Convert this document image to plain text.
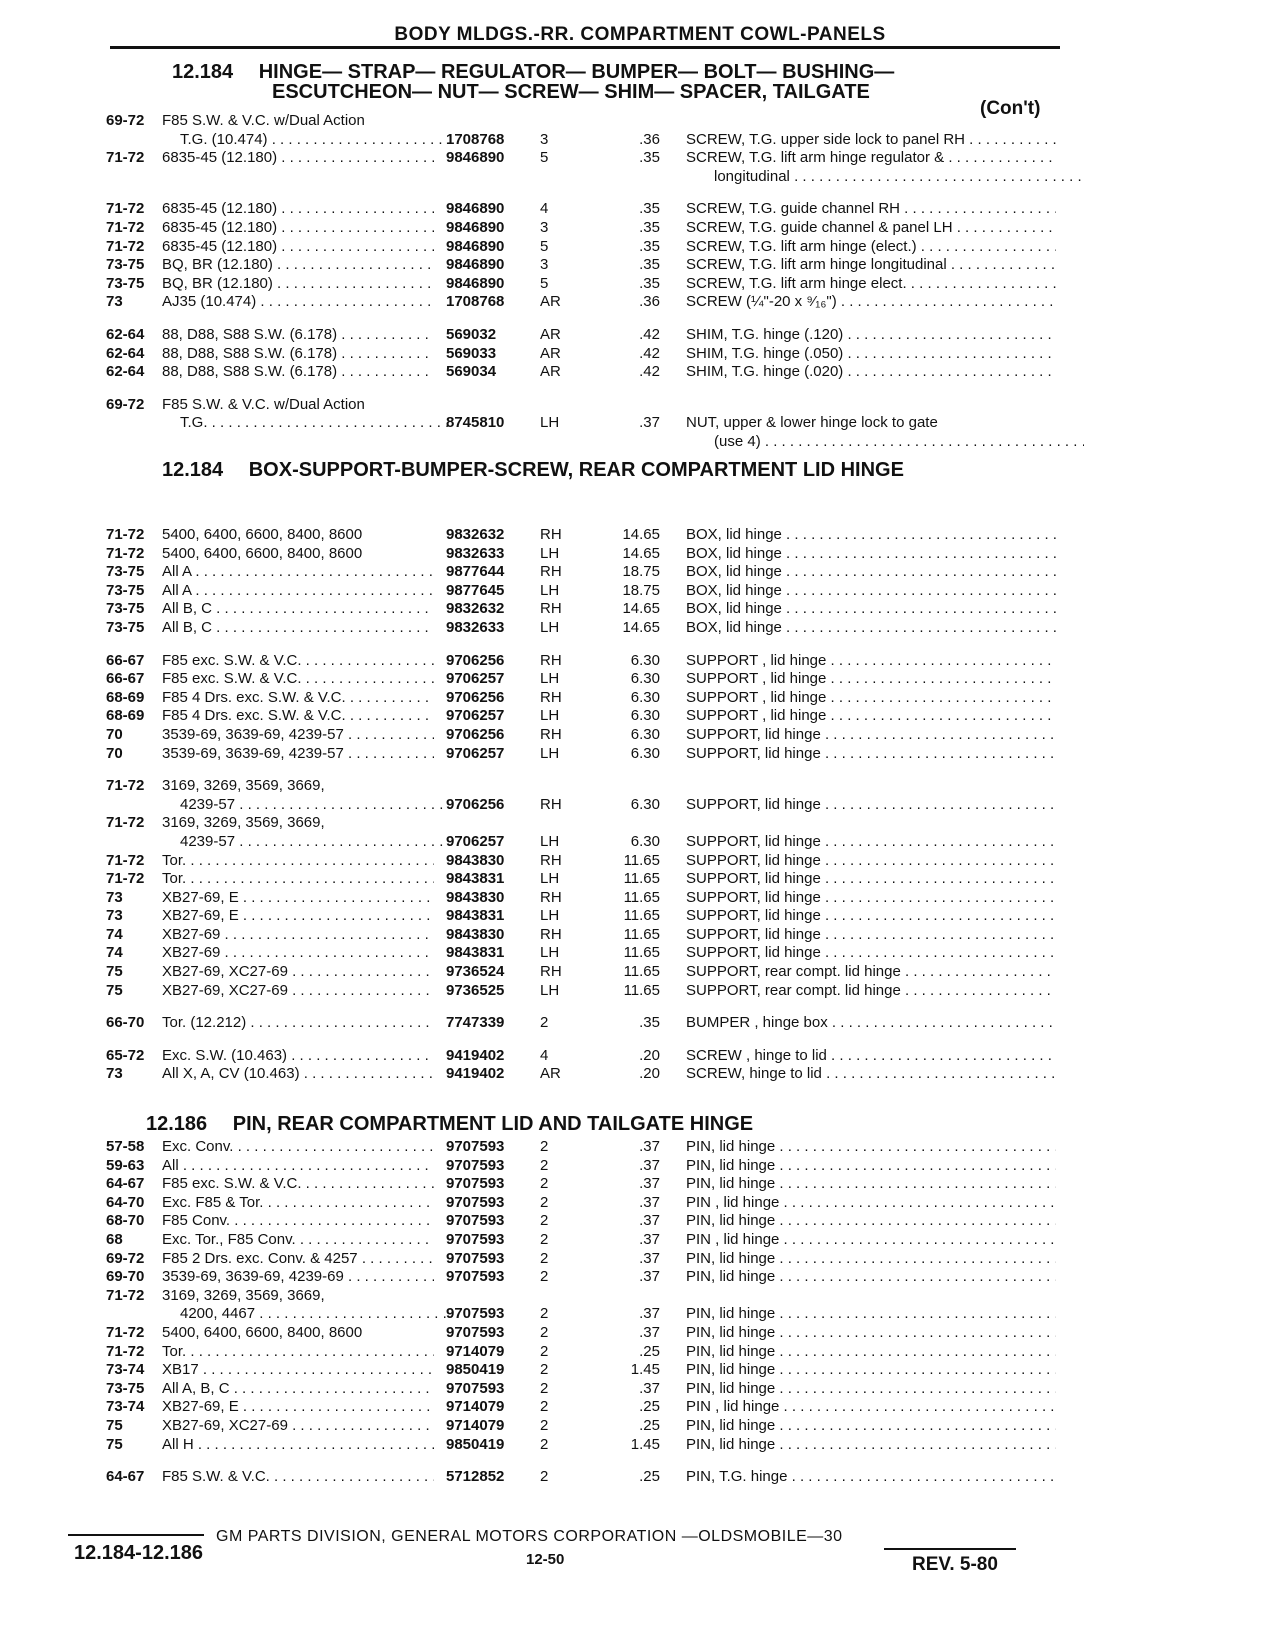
BODY MLDGS.-RR. COMPARTMENT COWL-PANELS
12.184 HINGE— STRAP— REGULATOR— BUMPER— BOLT— BUSHING—
ESCUTCHEON— NUT— SCREW— SHIM— SPACER, TAILGATE
(Con't)
69-72 F85 S.W. & V.C. w/Dual Action
T.G. (10.474) . . .	1708768 3	.36 SCREW, T.G. upper side lock to panel RH . . .
71-72 6835-45 (12.180) . . .	9846890 5	.35 SCREW, T.G. lift arm hinge regulator & . . .
longitudinal . . .
71-72 6835-45 (12.180) . . .	9846890 4	.35 SCREW, T.G. guide channel RH . . .
71-72 6835-45 (12.180) . . .	9846890 3	.35 SCREW, T.G. guide channel & panel LH . . .
71-72 6835-45 (12.180) . . .	9846890 5	.35 SCREW, T.G. lift arm hinge (elect.) . . .
73-75 BQ, BR (12.180) . . .	9846890 3	.35 SCREW, T.G. lift arm hinge longitudinal . . .
73-75 BQ, BR (12.180) . . .	9846890 5	.35 SCREW, T.G. lift arm hinge elect. . . .
73	AJ35 (10.474) . . .	1708768 AR	.36 SCREW (¼"-20 x ⁹⁄₁₆") . . .
62-64 88, D88, S88 S.W. (6.178) . . .	569032	AR	.42 SHIM, T.G. hinge (.120) . . .
62-64 88, D88, S88 S.W. (6.178) . . .	569033	AR	.42 SHIM, T.G. hinge (.050) . . .
62-64 88, D88, S88 S.W. (6.178) . . .	569034	AR	.42 SHIM, T.G. hinge (.020) . . .
69-72 F85 S.W. & V.C. w/Dual Action
T.G. . . .	8745810 LH	.37 NUT, upper & lower hinge lock to gate
(use 4) . . .
12.184 BOX-SUPPORT-BUMPER-SCREW, REAR COMPARTMENT LID HINGE
71-72 5400, 6400, 6600, 8400, 8600	9832632 RH	14.65 BOX, lid hinge . . .
71-72 5400, 6400, 6600, 8400, 8600	9832633 LH	14.65 BOX, lid hinge . . .
73-75 All A . . .	9877644 RH	18.75 BOX, lid hinge . . .
73-75 All A . . .	9877645 LH	18.75 BOX, lid hinge . . .
73-75 All B, C . . .	9832632 RH	14.65 BOX, lid hinge . . .
73-75 All B, C . . .	9832633 LH	14.65 BOX, lid hinge . . .
66-67 F85 exc. S.W. & V.C. . . .	9706256 RH	6.30 SUPPORT , lid hinge . . .
66-67 F85 exc. S.W. & V.C. . . .	9706257 LH	6.30 SUPPORT , lid hinge . . .
68-69 F85 4 Drs. exc. S.W. & V.C. . . .	9706256 RH	6.30 SUPPORT , lid hinge . . .
68-69 F85 4 Drs. exc. S.W. & V.C. . . .	9706257 LH	6.30 SUPPORT , lid hinge . . .
70	3539-69, 3639-69, 4239-57 . . .	9706256 RH	6.30 SUPPORT, lid hinge . . .
70	3539-69, 3639-69, 4239-57 . . .	9706257 LH	6.30 SUPPORT, lid hinge . . .
71-72 3169, 3269, 3569, 3669,
4239-57 . . .	9706256 RH	6.30 SUPPORT, lid hinge . . .
71-72 3169, 3269, 3569, 3669,
4239-57 . . .	9706257 LH	6.30 SUPPORT, lid hinge . . .
71-72 Tor. . . .	9843830 RH	11.65 SUPPORT, lid hinge . . .
71-72 Tor. . . .	9843831 LH	11.65 SUPPORT, lid hinge . . .
73	XB27-69, E . . .	9843830 RH	11.65 SUPPORT, lid hinge . . .
73	XB27-69, E . . .	9843831 LH	11.65 SUPPORT, lid hinge . . .
74	XB27-69 . . .	9843830 RH	11.65 SUPPORT, lid hinge . . .
74	XB27-69 . . .	9843831 LH	11.65 SUPPORT, lid hinge . . .
75	XB27-69, XC27-69 . . .	9736524 RH	11.65 SUPPORT, rear compt. lid hinge . . .
75	XB27-69, XC27-69 . . .	9736525 LH	11.65 SUPPORT, rear compt. lid hinge . . .
66-70 Tor. (12.212) . . .	7747339 2	.35 BUMPER , hinge box . . .
65-72 Exc. S.W. (10.463) . . .	9419402 4	.20 SCREW , hinge to lid . . .
73	All X, A, CV (10.463) . . .	9419402 AR	.20 SCREW, hinge to lid . . .
12.186 PIN, REAR COMPARTMENT LID AND TAILGATE HINGE
57-58 Exc. Conv. . . .	9707593 2	.37 PIN, lid hinge . . .
59-63 All . . .	9707593 2	.37 PIN, lid hinge . . .
64-67 F85 exc. S.W. & V.C. . . .	9707593 2	.37 PIN, lid hinge . . .
64-70 Exc. F85 & Tor. . . .	9707593 2	.37 PIN , lid hinge . . .
68-70 F85 Conv. . . .	9707593 2	.37 PIN, lid hinge . . .
68	Exc. Tor., F85 Conv. . . .	9707593 2	.37 PIN , lid hinge . . .
69-72 F85 2 Drs. exc. Conv. & 4257 . . .	9707593 2	.37 PIN, lid hinge . . .
69-70 3539-69, 3639-69, 4239-69 . . .	9707593 2	.37 PIN, lid hinge . . .
71-72 3169, 3269, 3569, 3669,
4200, 4467 . . .	9707593 2	.37 PIN, lid hinge . . .
71-72 5400, 6400, 6600, 8400, 8600	9707593 2	.37 PIN, lid hinge . . .
71-72 Tor. . . .	9714079 2	.25 PIN, lid hinge . . .
73-74 XB17 . . .	9850419 2	1.45 PIN, lid hinge . . .
73-75 All A, B, C . . .	9707593 2	.37 PIN, lid hinge . . .
73-74 XB27-69, E . . .	9714079 2	.25 PIN , lid hinge . . .
75	XB27-69, XC27-69 . . .	9714079 2	.25 PIN, lid hinge . . .
75	All H . . .	9850419 2	1.45 PIN, lid hinge . . .
64-67 F85 S.W. & V.C. . . .	5712852 2	.25 PIN, T.G. hinge . . .
GM PARTS DIVISION, GENERAL MOTORS CORPORATION —OLDSMOBILE—30
12.184-12.186	12-50	REV. 5-80
